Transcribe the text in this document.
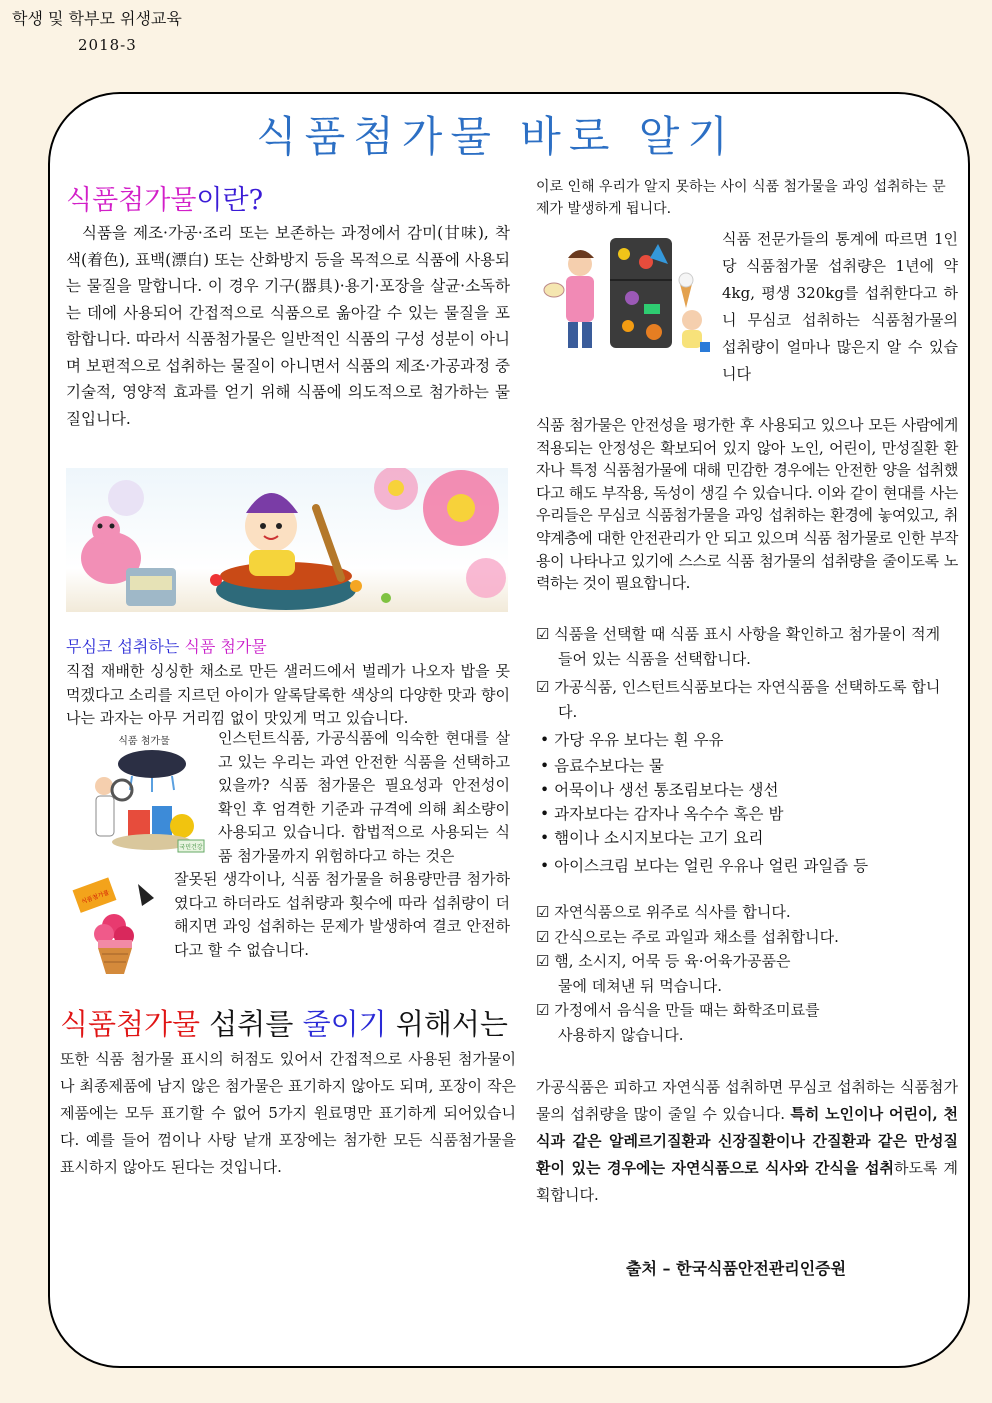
학생 및 학부모 위생교육
2018-3
식품첨가물 바로 알기
식품첨가물이란?
식품을 제조·가공·조리 또는 보존하는 과정에서 감미(甘味), 착색(着色), 표백(漂白) 또는 산화방지 등을 목적으로 식품에 사용되는 물질을 말합니다. 이 경우 기구(器具)·용기·포장을 살균·소독하는 데에 사용되어 간접적으로 식품으로 옮아갈 수 있는 물질을 포함합니다. 따라서 식품첨가물은 일반적인 식품의 구성 성분이 아니며 보편적으로 섭취하는 물질이 아니면서 식품의 제조·가공과정 중 기술적, 영양적 효과를 얻기 위해 식품에 의도적으로 첨가하는 물질입니다.
무심코 섭취하는 식품 첨가물
직접 재배한 싱싱한 채소로 만든 샐러드에서 벌레가 나오자 밥을 못 먹겠다고 소리를 지르던 아이가 알록달록한 색상의 다양한 맛과 향이 나는 과자는 아무 거리낌 없이 맛있게 먹고 있습니다.
식품 첨가물
국민건강
인스턴트식품, 가공식품에 익숙한 현대를 살고 있는 우리는 과연 안전한 식품을 선택하고 있을까? 식품 첨가물은 필요성과 안전성이 확인 후 엄격한 기준과 규격에 의해 최소량이 사용되고 있습니다. 합법적으로 사용되는 식품 첨가물까지 위험하다고 하는 것은
식품첨가물
잘못된 생각이나, 식품 첨가물을 허용량만큼 첨가하였다고 하더라도 섭취량과 횟수에 따라 섭취량이 더해지면 과잉 섭취하는 문제가 발생하여 결코 안전하다고 할 수 없습니다.
식품첨가물 섭취를 줄이기 위해서는
또한 식품 첨가물 표시의 허점도 있어서 간접적으로 사용된 첨가물이나 최종제품에 남지 않은 첨가물은 표기하지 않아도 되며, 포장이 작은 제품에는 모두 표기할 수 없어 5가지 원료명만 표기하게 되어있습니다. 예를 들어 껌이나 사탕 낱개 포장에는 첨가한 모든 식품첨가물을 표시하지 않아도 된다는 것입니다.
이로 인해 우리가 알지 못하는 사이 식품 첨가물을 과잉 섭취하는 문제가 발생하게 됩니다.
식품 전문가들의 통계에 따르면 1인당 식품첨가물 섭취량은 1년에 약 4kg, 평생 320kg를 섭취한다고 하니 무심코 섭취하는 식품첨가물의 섭취량이 얼마나 많은지 알 수 있습니다
식품 첨가물은 안전성을 평가한 후 사용되고 있으나 모든 사람에게 적용되는 안정성은 확보되어 있지 않아 노인, 어린이, 만성질환 환자나 특정 식품첨가물에 대해 민감한 경우에는 안전한 양을 섭취했다고 해도 부작용, 독성이 생길 수 있습니다. 이와 같이 현대를 사는 우리들은 무심코 식품첨가물을 과잉 섭취하는 환경에 놓여있고, 취약계층에 대한 안전관리가 안 되고 있으며 식품 첨가물로 인한 부작용이 나타나고 있기에 스스로 식품 첨가물의 섭취량을 줄이도록 노력하는 것이 필요합니다.
☑ 식품을 선택할 때 식품 표시 사항을 확인하고 첨가물이 적게
들어 있는 식품을 선택합니다.
☑ 가공식품, 인스턴트식품보다는 자연식품을 선택하도록 합니
다.
• 가당 우유 보다는 흰 우유
• 음료수보다는 물
• 어묵이나 생선 통조림보다는 생선
• 과자보다는 감자나 옥수수 혹은 밤
• 햄이나 소시지보다는 고기 요리
• 아이스크림 보다는 얼린 우유나 얼린 과일즙 등
☑ 자연식품으로 위주로 식사를 합니다.
☑ 간식으로는 주로 과일과 채소를 섭취합니다.
☑ 햄, 소시지, 어묵 등 육·어육가공품은
물에 데쳐낸 뒤 먹습니다.
☑ 가정에서 음식을 만들 때는 화학조미료를
사용하지 않습니다.
가공식품은 피하고 자연식품 섭취하면 무심코 섭취하는 식품첨가물의 섭취량을 많이 줄일 수 있습니다. 특히 노인이나 어린이, 천식과 같은 알레르기질환과 신장질환이나 간질환과 같은 만성질환이 있는 경우에는 자연식품으로 식사와 간식을 섭취하도록 계획합니다.
출처 – 한국식품안전관리인증원
